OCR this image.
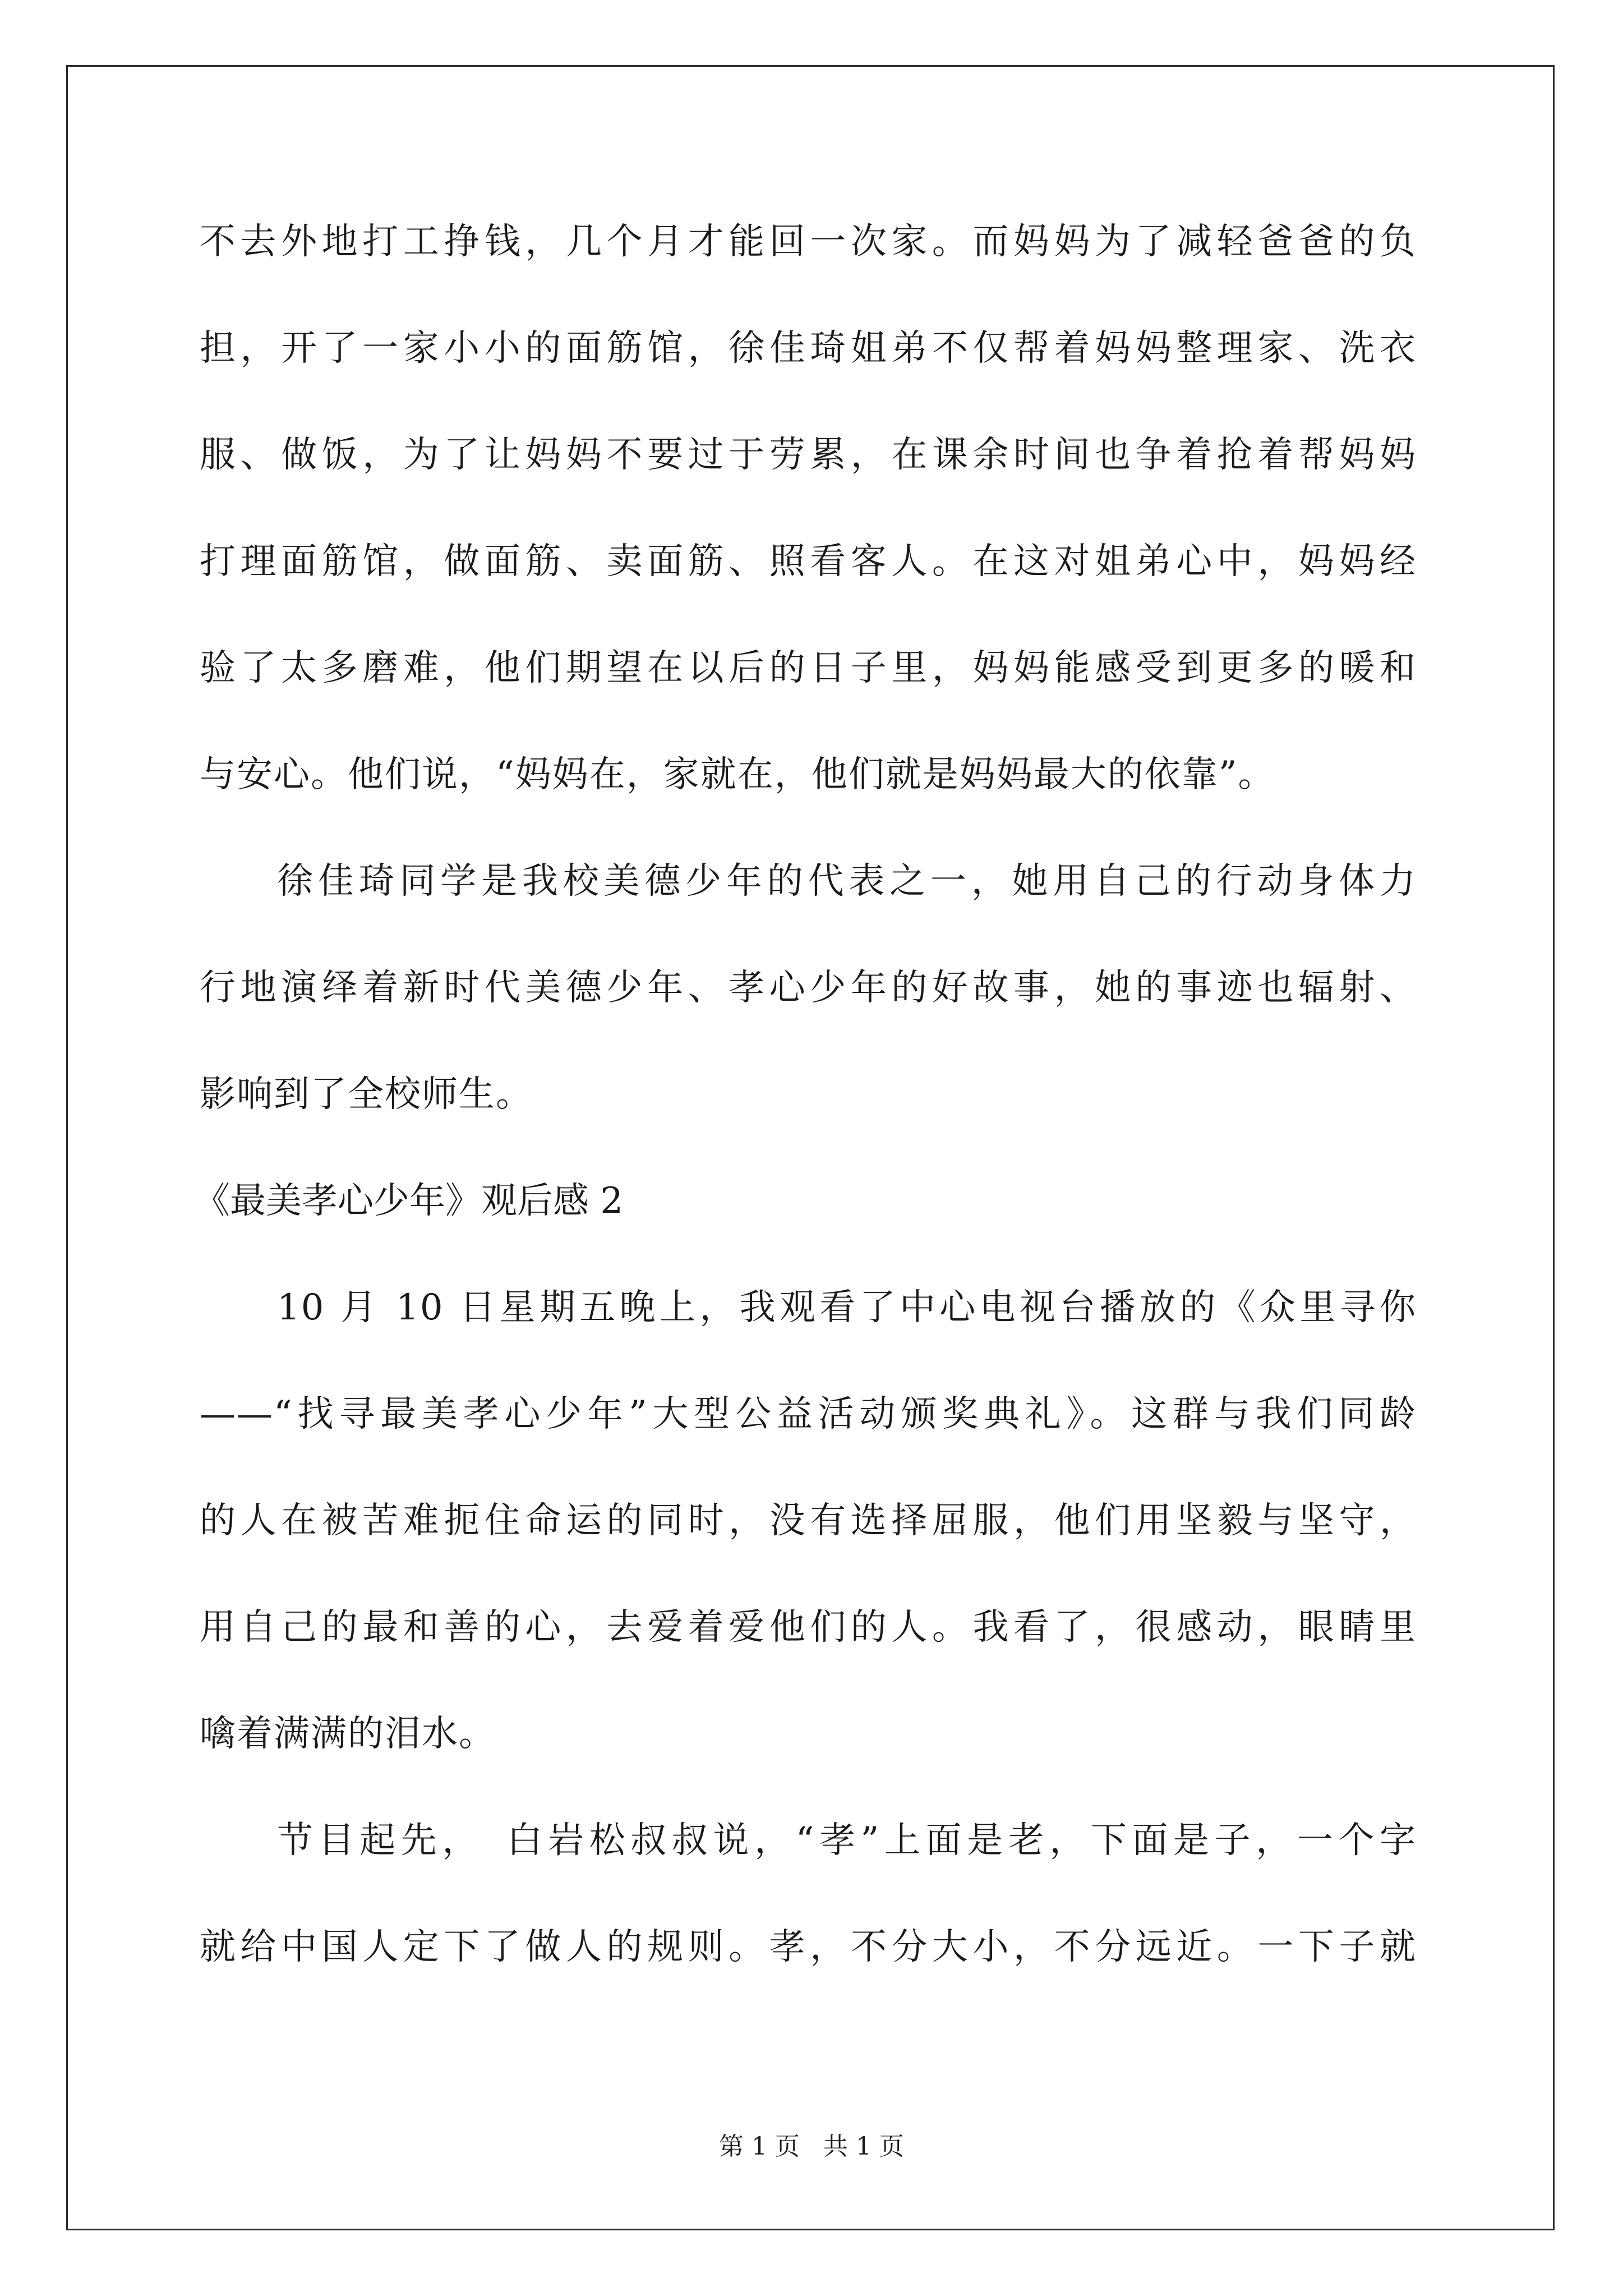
不去外地打工挣钱，几个月才能回一次家。而妈妈为了减轻爸爸的负
担，开了一家小小的面筋馆，徐佳琦姐弟不仅帮着妈妈整理家、洗衣
服、做饭，为了让妈妈不要过于劳累，在课余时间也争着抢着帮妈妈
打理面筋馆，做面筋、卖面筋、照看客人。在这对姐弟心中，妈妈经
验了太多磨难，他们期望在以后的日子里，妈妈能感受到更多的暖和
与安心。他们说，“妈妈在，家就在，他们就是妈妈最大的依靠”。
徐佳琦同学是我校美德少年的代表之一，她用自己的行动身体力
行地演绎着新时代美德少年、孝心少年的好故事，她的事迹也辐射、
影响到了全校师生。
《最美孝心少年》观后感 2
10 月 10 日星期五晚上，我观看了中心电视台播放的《众里寻你
——“找寻最美孝心少年”大型公益活动颁奖典礼》。这群与我们同龄
的人在被苦难扼住命运的同时，没有选择屈服，他们用坚毅与坚守，
用自己的最和善的心，去爱着爱他们的人。我看了，很感动，眼睛里
噙着满满的泪水。
节目起先，　白岩松叔叔说，“孝”上面是老，下面是子，一个字
就给中国人定下了做人的规则。孝，不分大小，不分远近。一下子就
第 1 页 共 1 页
